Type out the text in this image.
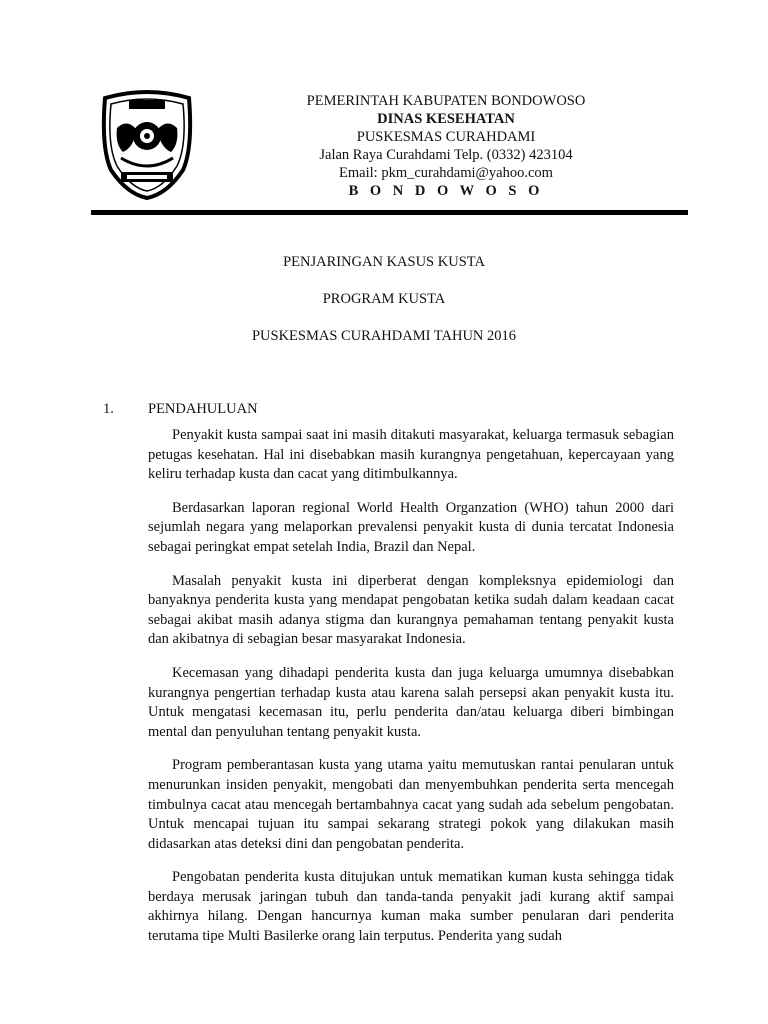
PEMERINTAH KABUPATEN BONDOWOSO
DINAS KESEHATAN
PUSKESMAS CURAHDAMI
Jalan Raya Curahdami Telp. (0332) 423104
Email: pkm_curahdami@yahoo.com
B O N D O W O S O
PENJARINGAN KASUS KUSTA
PROGRAM KUSTA
PUSKESMAS CURAHDAMI TAHUN 2016
1.	PENDAHULUAN

Penyakit kusta sampai saat ini masih ditakuti masyarakat, keluarga termasuk sebagian petugas kesehatan. Hal ini disebabkan masih kurangnya pengetahuan, kepercayaan yang keliru terhadap kusta dan cacat yang ditimbulkannya.

Berdasarkan laporan regional World Health Organzation (WHO) tahun 2000 dari sejumlah negara yang melaporkan prevalensi penyakit kusta di dunia tercatat Indonesia sebagai peringkat empat setelah India, Brazil dan Nepal.

Masalah penyakit kusta ini diperberat dengan kompleksnya epidemiologi dan banyaknya penderita kusta yang mendapat pengobatan ketika sudah dalam keadaan cacat sebagai akibat masih adanya stigma dan kurangnya pemahaman tentang penyakit kusta dan akibatnya di sebagian besar masyarakat Indonesia.

Kecemasan yang dihadapi penderita kusta dan juga keluarga umumnya disebabkan kurangnya pengertian terhadap kusta atau karena salah persepsi akan penyakit kusta itu. Untuk mengatasi kecemasan itu, perlu penderita dan/atau keluarga diberi bimbingan mental dan penyuluhan tentang penyakit kusta.

Program pemberantasan kusta yang utama yaitu memutuskan rantai penularan untuk menurunkan insiden penyakit, mengobati dan menyembuhkan penderita serta mencegah timbulnya cacat atau mencegah bertambahnya cacat yang sudah ada sebelum pengobatan. Untuk mencapai tujuan itu sampai sekarang strategi pokok yang dilakukan masih didasarkan atas deteksi dini dan pengobatan penderita.

Pengobatan penderita kusta ditujukan untuk mematikan kuman kusta sehingga tidak berdaya merusak jaringan tubuh dan tanda-tanda penyakit jadi kurang aktif sampai akhirnya hilang. Dengan hancurnya kuman maka sumber penularan dari penderita terutama tipe Multi Basilerke orang lain terputus. Penderita yang sudah
